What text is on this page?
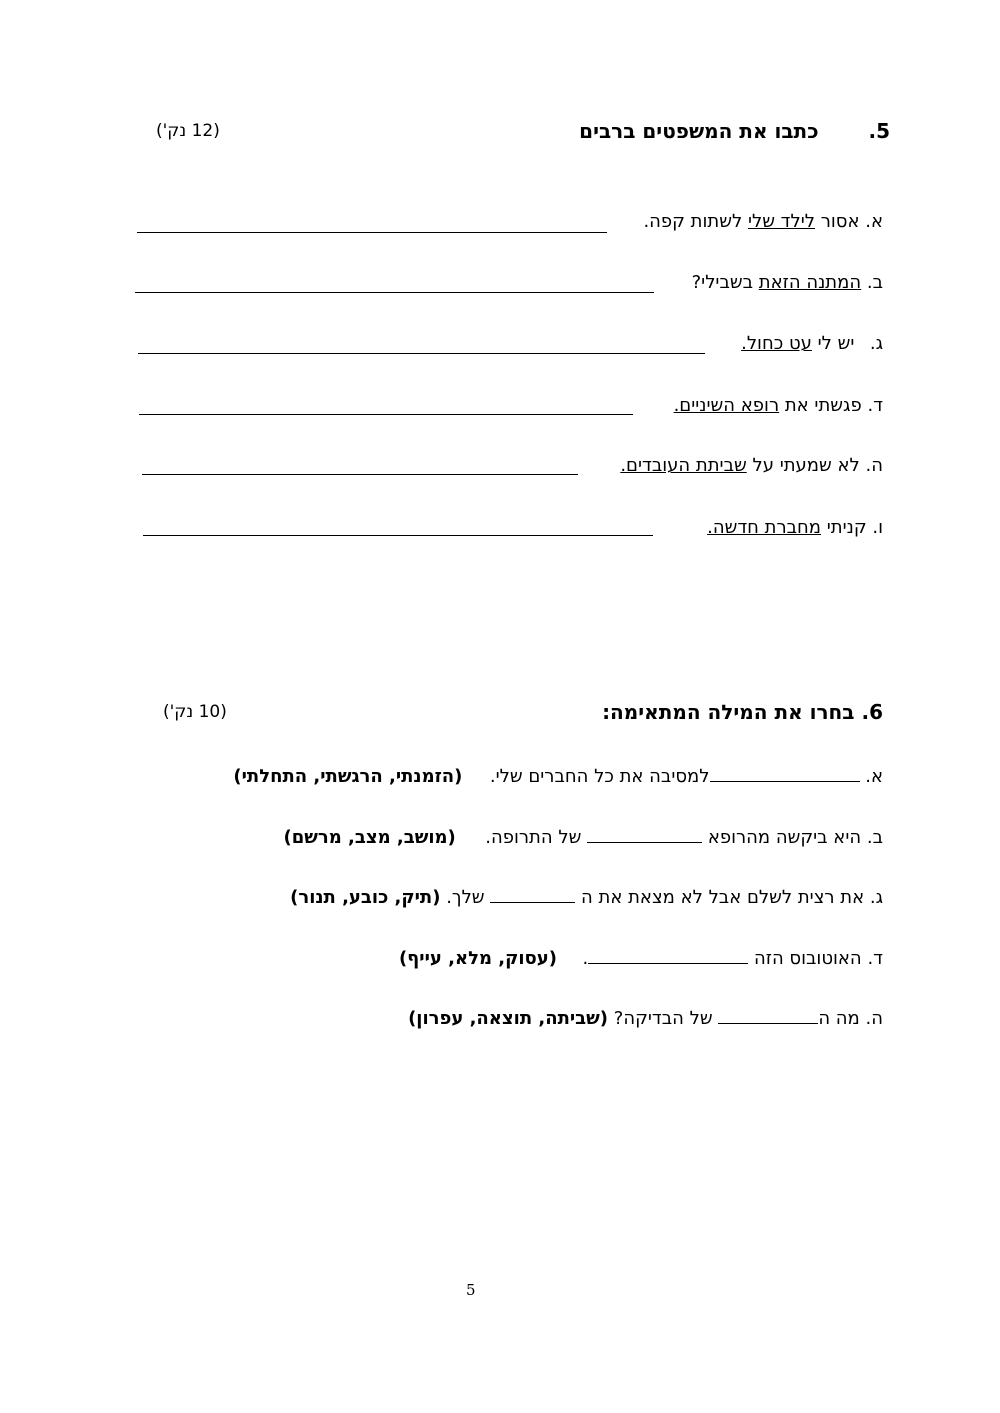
5.  כתבו את המשפטים ברבים
(12 נק')
א. אסור לילד שלי לשתות קפה.
ב. המתנה הזאת בשבילי?
ג.  יש לי עט כחול.
ד. פגשתי את רופא השיניים.
ה. לא שמעתי על שביתת העובדים.
ו. קניתי מחברת חדשה.
6. בחרו את המילה המתאימה:
(10 נק')
א. למסיבה את כל החברים שלי.  (הזמנתי, הרגשתי, התחלתי)
ב. היא ביקשה מהרופא  של התרופה.  (מושב, מצב, מרשם)
ג. את רצית לשלם אבל לא מצאת את ה  שלך. (תיק, כובע, תנור)
ד. האוטובוס הזה .  (עסוק, מלא, עייף)
ה. מה ה של הבדיקה? (שביתה, תוצאה, עפרון)
5
